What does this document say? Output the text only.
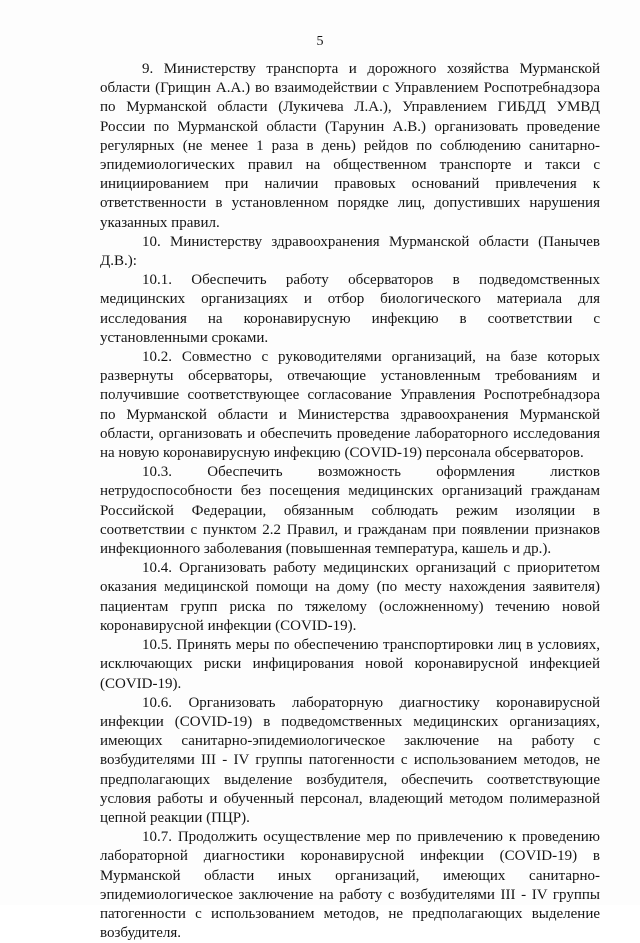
5

9. Министерству транспорта и дорожного хозяйства Мурманской области (Грищин А.А.) во взаимодействии с Управлением Роспотребнадзора по Мурманской области (Лукичева Л.А.), Управлением ГИБДД УМВД России по Мурманской области (Тарунин А.В.) организовать проведение регулярных (не менее 1 раза в день) рейдов по соблюдению санитарно-эпидемиологических правил на общественном транспорте и такси с инициированием при наличии правовых оснований привлечения к ответственности в установленном порядке лиц, допустивших нарушения указанных правил.

10. Министерству здравоохранения Мурманской области (Панычев Д.В.):

10.1. Обеспечить работу обсерваторов в подведомственных медицинских организациях и отбор биологического материала для исследования на коронавирусную инфекцию в соответствии с установленными сроками.

10.2. Совместно с руководителями организаций, на базе которых развернуты обсерваторы, отвечающие установленным требованиям и получившие соответствующее согласование Управления Роспотребнадзора по Мурманской области и Министерства здравоохранения Мурманской области, организовать и обеспечить проведение лабораторного исследования на новую коронавирусную инфекцию (COVID-19) персонала обсерваторов.

10.3. Обеспечить возможность оформления листков нетрудоспособности без посещения медицинских организаций гражданам Российской Федерации, обязанным соблюдать режим изоляции в соответствии с пунктом 2.2 Правил, и гражданам при появлении признаков инфекционного заболевания (повышенная температура, кашель и др.).

10.4. Организовать работу медицинских организаций с приоритетом оказания медицинской помощи на дому (по месту нахождения заявителя) пациентам групп риска по тяжелому (осложненному) течению новой коронавирусной инфекции (COVID-19).

10.5. Принять меры по обеспечению транспортировки лиц в условиях, исключающих риски инфицирования новой коронавирусной инфекцией (COVID-19).

10.6. Организовать лабораторную диагностику коронавирусной инфекции (COVID-19) в подведомственных медицинских организациях, имеющих санитарно-эпидемиологическое заключение на работу с возбудителями III - IV группы патогенности с использованием методов, не предполагающих выделение возбудителя, обеспечить соответствующие условия работы и обученный персонал, владеющий методом полимеразной цепной реакции (ПЦР).

10.7. Продолжить осуществление мер по привлечению к проведению лабораторной диагностики коронавирусной инфекции (COVID-19) в Мурманской области иных организаций, имеющих санитарно-эпидемиологическое заключение на работу с возбудителями III - IV группы патогенности с использованием методов, не предполагающих выделение возбудителя.
